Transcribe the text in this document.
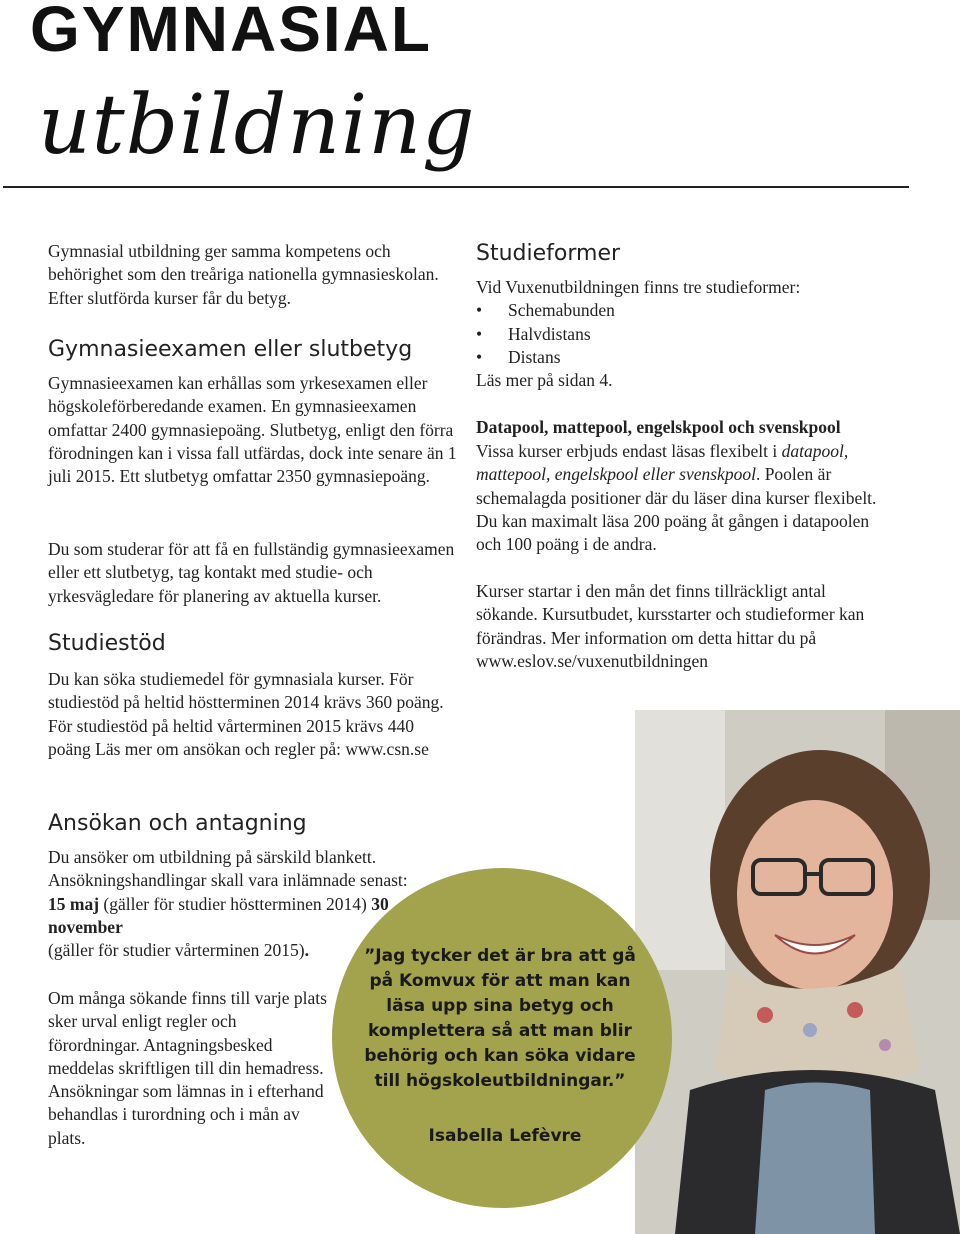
GYMNASIAL
utbildning

Gymnasial utbildning ger samma kompetens och behörighet som den treåriga nationella gymnasieskolan. Efter slutförda kurser får du betyg.

Gymnasieexamen eller slutbetyg

Gymnasieexamen kan erhållas som yrkesexamen eller högskoleförberedande examen. En gymnasieexamen omfattar 2400 gymnasiepoäng. Slutbetyg, enligt den förra förodningen kan i vissa fall utfärdas, dock inte senare än 1 juli 2015. Ett slutbetyg omfattar 2350 gymnasiepoäng.

Du som studerar för att få en fullständig gymnasieexamen eller ett slutbetyg, tag kontakt med studie- och yrkesvägledare för planering av aktuella kurser.

Studiestöd

Du kan söka studiemedel för gymnasiala kurser. För studiestöd på heltid höstterminen 2014 krävs 360 poäng. För studiestöd på heltid vårterminen 2015 krävs 440 poäng Läs mer om ansökan och regler på: www.csn.se

Ansökan och antagning

Du ansöker om utbildning på särskild blankett. Ansökningshandlingar skall vara inlämnade senast: 15 maj (gäller för studier höstterminen 2014) 30 november
(gäller för studier vårterminen 2015).

Om många sökande finns till varje plats sker urval enligt regler och förordningar. Antagningsbesked meddelas skriftligen till din hemadress. Ansökningar som lämnas in i efterhand behandlas i turordning och i mån av plats.

Studieformer

Vid Vuxenutbildningen finns tre studieformer:

• Schemabunden
• Halvdistans
• Distans

Läs mer på sidan 4.

Datapool, mattepool, engelskpool och svenskpool

Vissa kurser erbjuds endast läsas flexibelt i datapool, mattepool, engelskpool eller svenskpool. Poolen är schemalagda positioner där du läser dina kurser flexibelt. Du kan maximalt läsa 200 poäng åt gången i datapoolen och 100 poäng i de andra.

Kurser startar i den mån det finns tillräckligt antal sökande. Kursutbudet, kursstarter och studieformer kan förändras. Mer information om detta hittar du på www.eslov.se/vuxenutbildningen

”Jag tycker det är bra att gå på Komvux för att man kan läsa upp sina betyg och komplettera så att man blir behörig och kan söka vidare till högskoleutbildningar.”
Isabella Lefèvre
